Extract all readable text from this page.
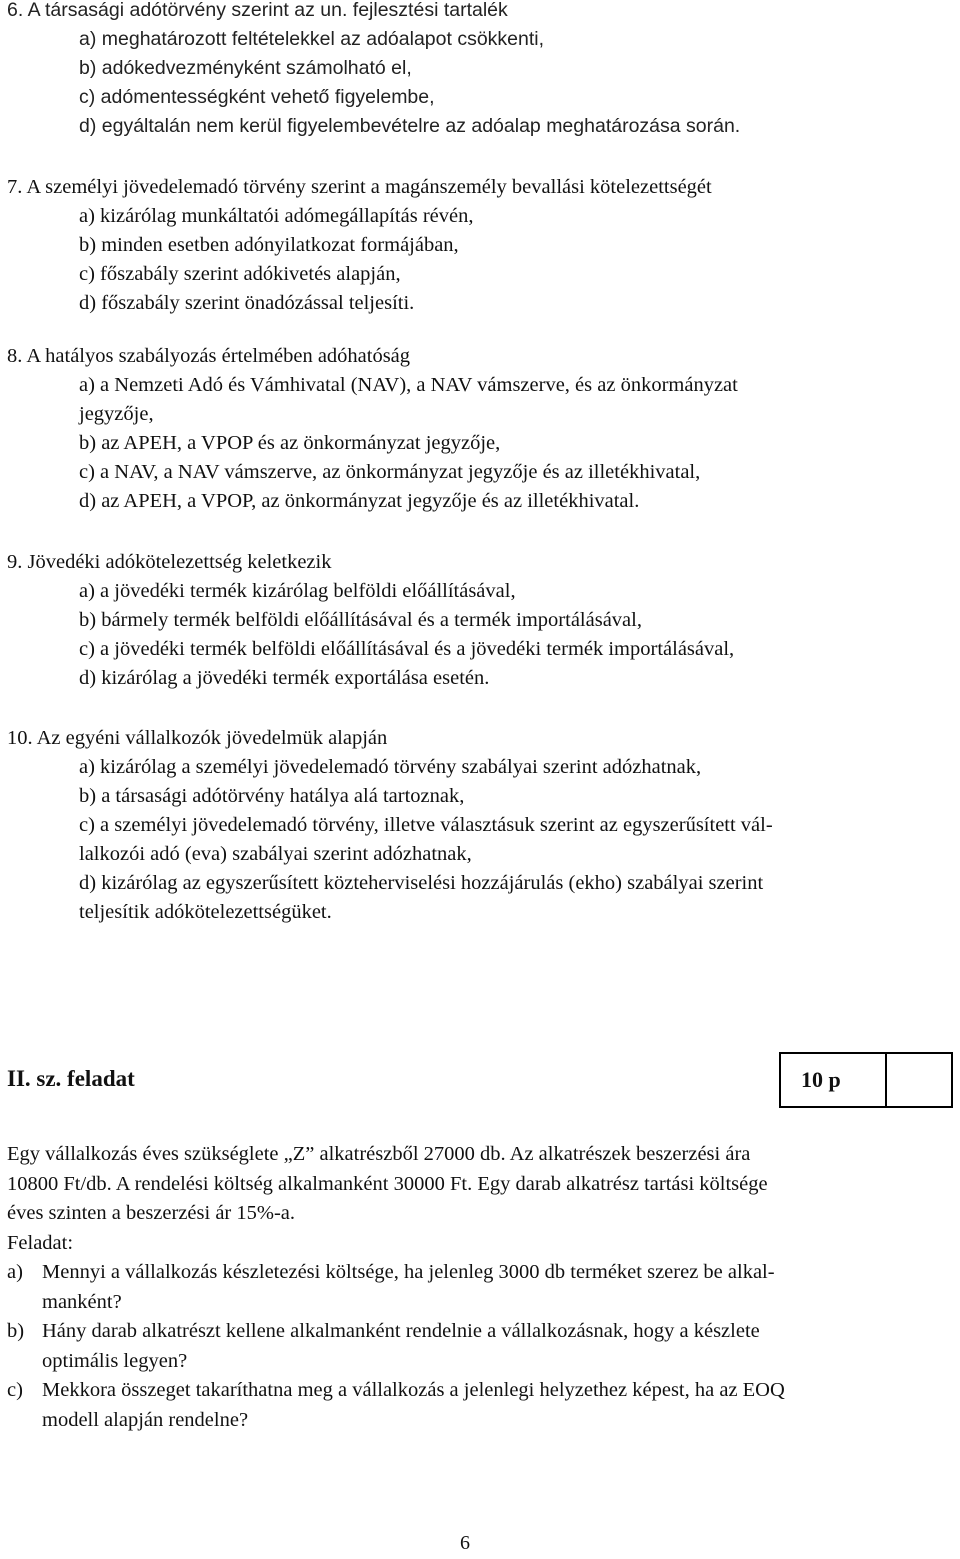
6. A társasági adótörvény szerint az un. fejlesztési tartalék
a) meghatározott feltételekkel az adóalapot csökkenti,
b) adókedvezményként számolható el,
c) adómentességként vehető figyelembe,
d) egyáltalán nem kerül figyelembevételre az adóalap meghatározása során.
7. A személyi jövedelemadó törvény szerint a magánszemély bevallási kötelezettségét
a) kizárólag munkáltatói adómegállapítás révén,
b) minden esetben adónyilatkozat formájában,
c) főszabály szerint adókivetés alapján,
d) főszabály szerint önadózással teljesíti.
8. A hatályos szabályozás értelmében adóhatóság
a) a Nemzeti Adó és Vámhivatal (NAV), a NAV vámszerve, és az önkormányzat
jegyzője,
b) az APEH, a VPOP és az önkormányzat jegyzője,
c) a NAV, a NAV vámszerve, az önkormányzat jegyzője és az illetékhivatal,
d) az APEH, a VPOP, az önkormányzat jegyzője és az illetékhivatal.
9. Jövedéki adókötelezettség keletkezik
a) a jövedéki termék kizárólag belföldi előállításával,
b) bármely termék belföldi előállításával és a termék importálásával,
c) a jövedéki termék belföldi előállításával és a jövedéki termék importálásával,
d) kizárólag a jövedéki termék exportálása esetén.
10. Az egyéni vállalkozók jövedelmük alapján
a) kizárólag a személyi jövedelemadó törvény szabályai szerint adózhatnak,
b) a társasági adótörvény hatálya alá tartoznak,
c) a személyi jövedelemadó törvény, illetve választásuk szerint az egyszerűsített vál-
lalkozói adó (eva) szabályai szerint adózhatnak,
d) kizárólag az egyszerűsített közteherviselési hozzájárulás (ekho) szabályai szerint
teljesítik adókötelezettségüket.
II. sz. feladat	10 p
Egy vállalkozás éves szükséglete „Z” alkatrészből 27000 db. Az alkatrészek beszerzési ára
10800 Ft/db. A rendelési költség alkalmanként 30000 Ft. Egy darab alkatrész tartási költsége
éves szinten a beszerzési ár 15%-a.
Feladat:
a) Mennyi a vállalkozás készletezési költsége, ha jelenleg 3000 db terméket szerez be alkal-
manként?
b) Hány darab alkatrészt kellene alkalmanként rendelnie a vállalkozásnak, hogy a készlete
optimális legyen?
c) Mekkora összeget takaríthatna meg a vállalkozás a jelenlegi helyzethez képest, ha az EOQ
modell alapján rendelne?
6
